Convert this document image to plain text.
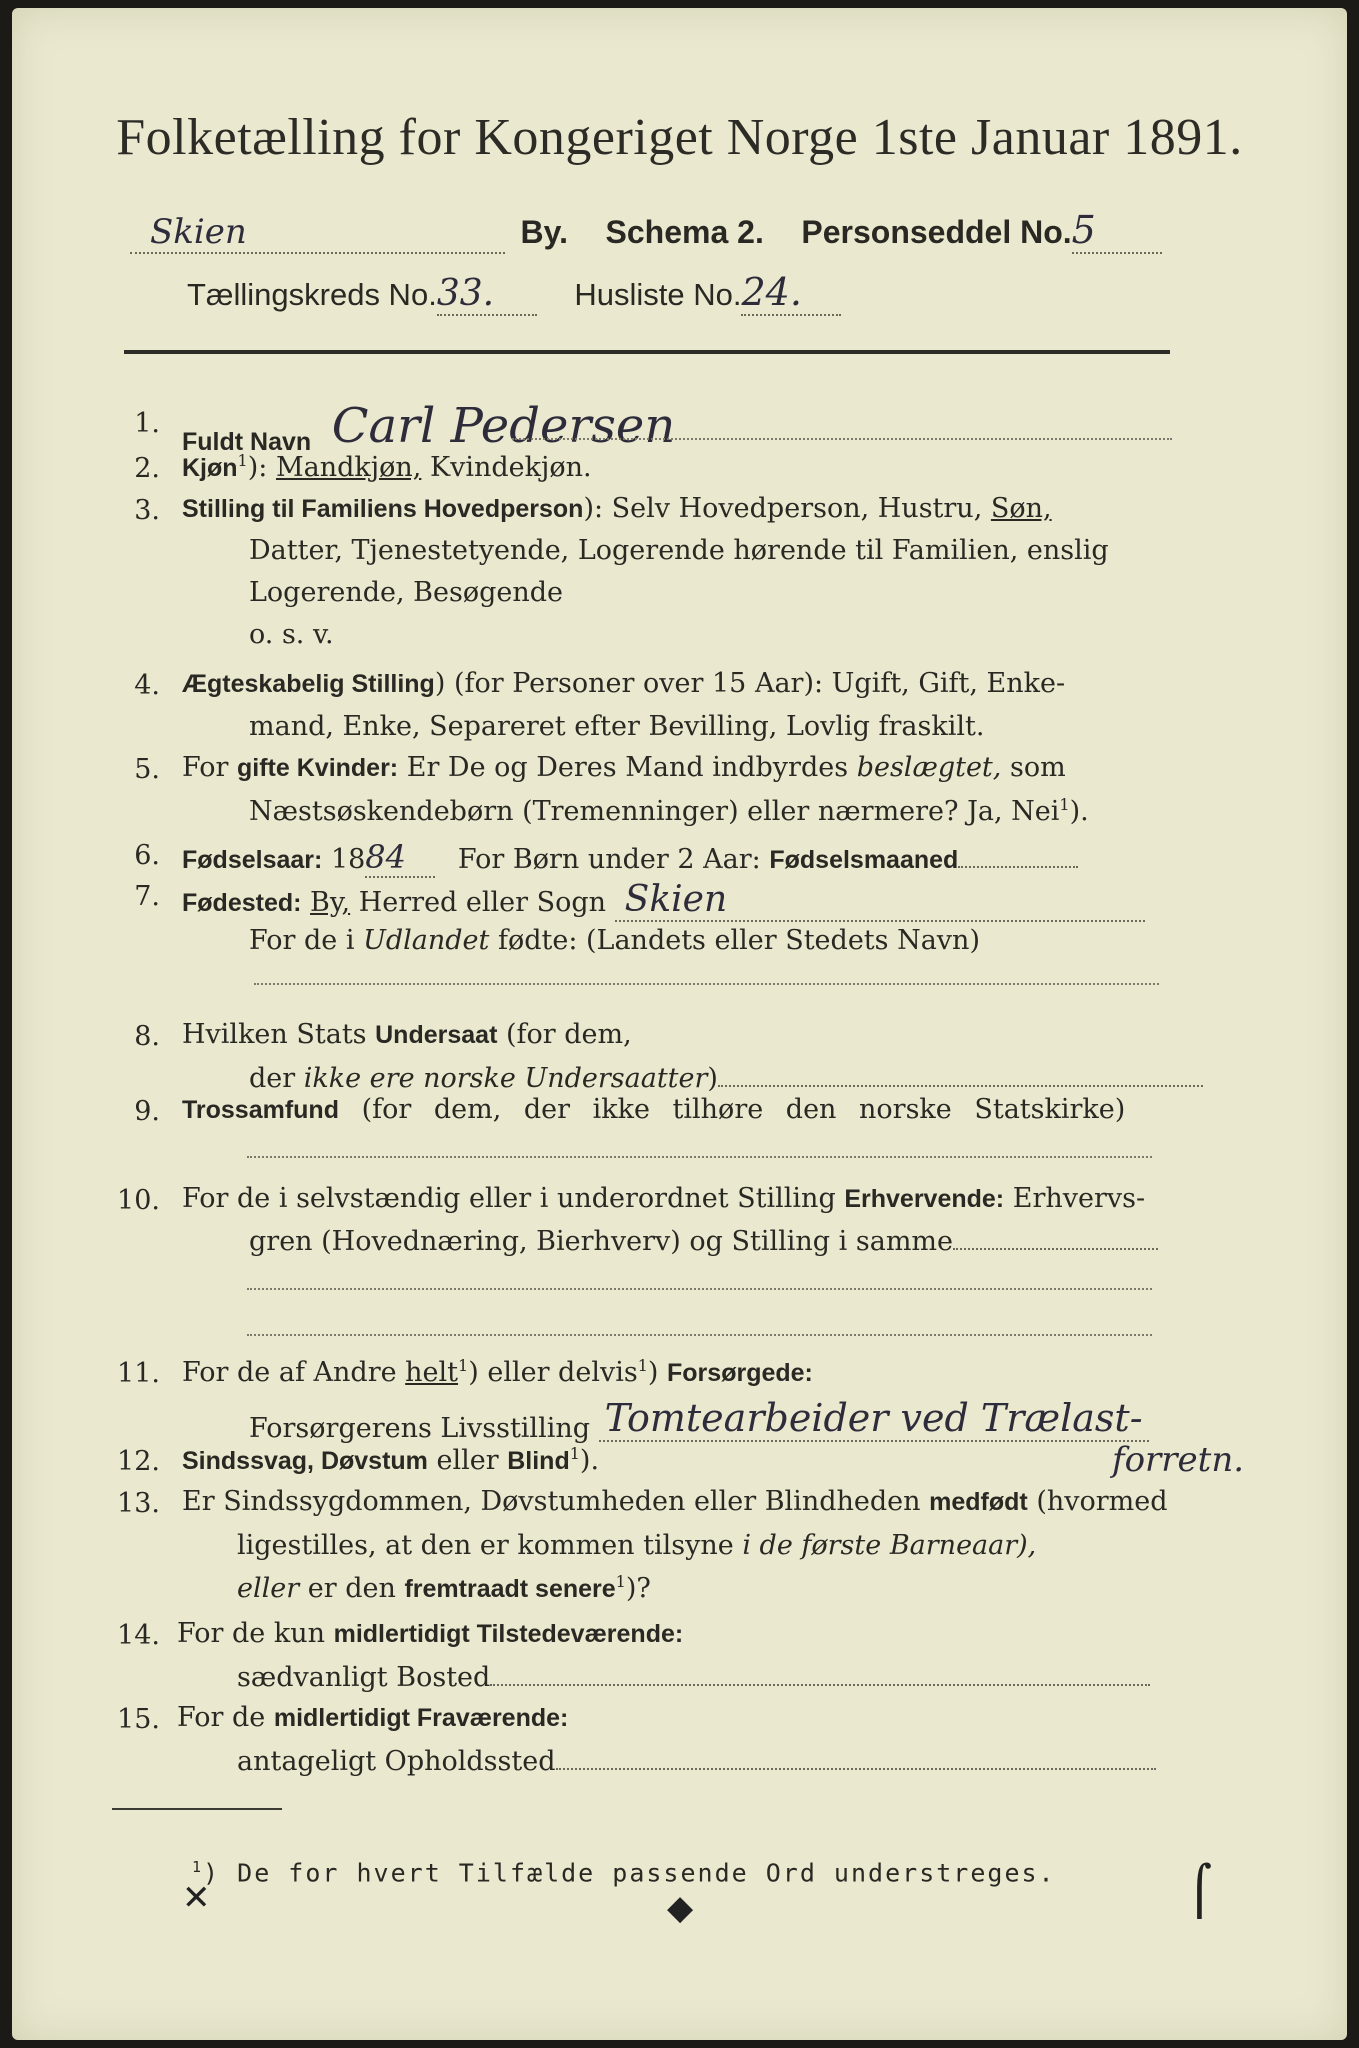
Folketælling for Kongeriget Norge 1ste Januar 1891.
Skien	By. Schema 2. Personseddel No.5
Tællingskreds No.33.	Husliste No.24.
1.
Fuldt Navn Carl Pedersen
2. Kjøn$^1$): Mandkjøn, Kvindekjøn.
3. Stilling til Familiens Hovedperson): Selv Hovedperson, Hustru, Søn,
Datter, Tjenestetyende, Logerende hørende til Familien, enslig
Logerende, Besøgende
o. s. v.
4. Ægteskabelig Stilling) (for Personer over 15 Aar): Ugift, Gift, Enke-
mand, Enke, Separeret efter Bevilling, Lovlig fraskilt.
5. For gifte Kvinder: Er De og Deres Mand indbyrdes beslægtet, som
Næstsøskendebørn (Tremenninger) eller nærmere? Ja, Nei$^1$).
6. Fødselsaar: 1884 For Børn under 2 Aar: Fødselsmaaned
7. Fødested: By, Herred eller Sogn Skien
For de i Udlandet fødte: (Landets eller Stedets Navn)
8. Hvilken Stats Undersaat (for dem,
der ikke ere norske Undersaatter)
9. Trossamfund (for dem, der ikke tilhøre den norske Statskirke)
10. For de i selvstændig eller i underordnet Stilling Erhvervende: Erhvervs-
gren (Hovednæring, Bierhverv) og Stilling i samme
11. For de af Andre helt$^1$) eller delvis$^1$) Forsørgede:
Forsørgerens Livsstilling Tomtearbeider ved Trælast-
forretn.
12. Sindssvag, Døvstum eller Blind$^1$).
13. Er Sindssygdommen, Døvstumheden eller Blindheden medfødt (hvormed
ligestilles, at den er kommen tilsyne i de første Barneaar),
eller er den fremtraadt senere$^1$)?
14. For de kun midlertidigt Tilstedeværende:
sædvanligt Bosted
15. For de midlertidigt Fraværende:
antageligt Opholdssted
$^1$) De for hvert Tilfælde passende Ord understreges.
✕	◆	⌠
